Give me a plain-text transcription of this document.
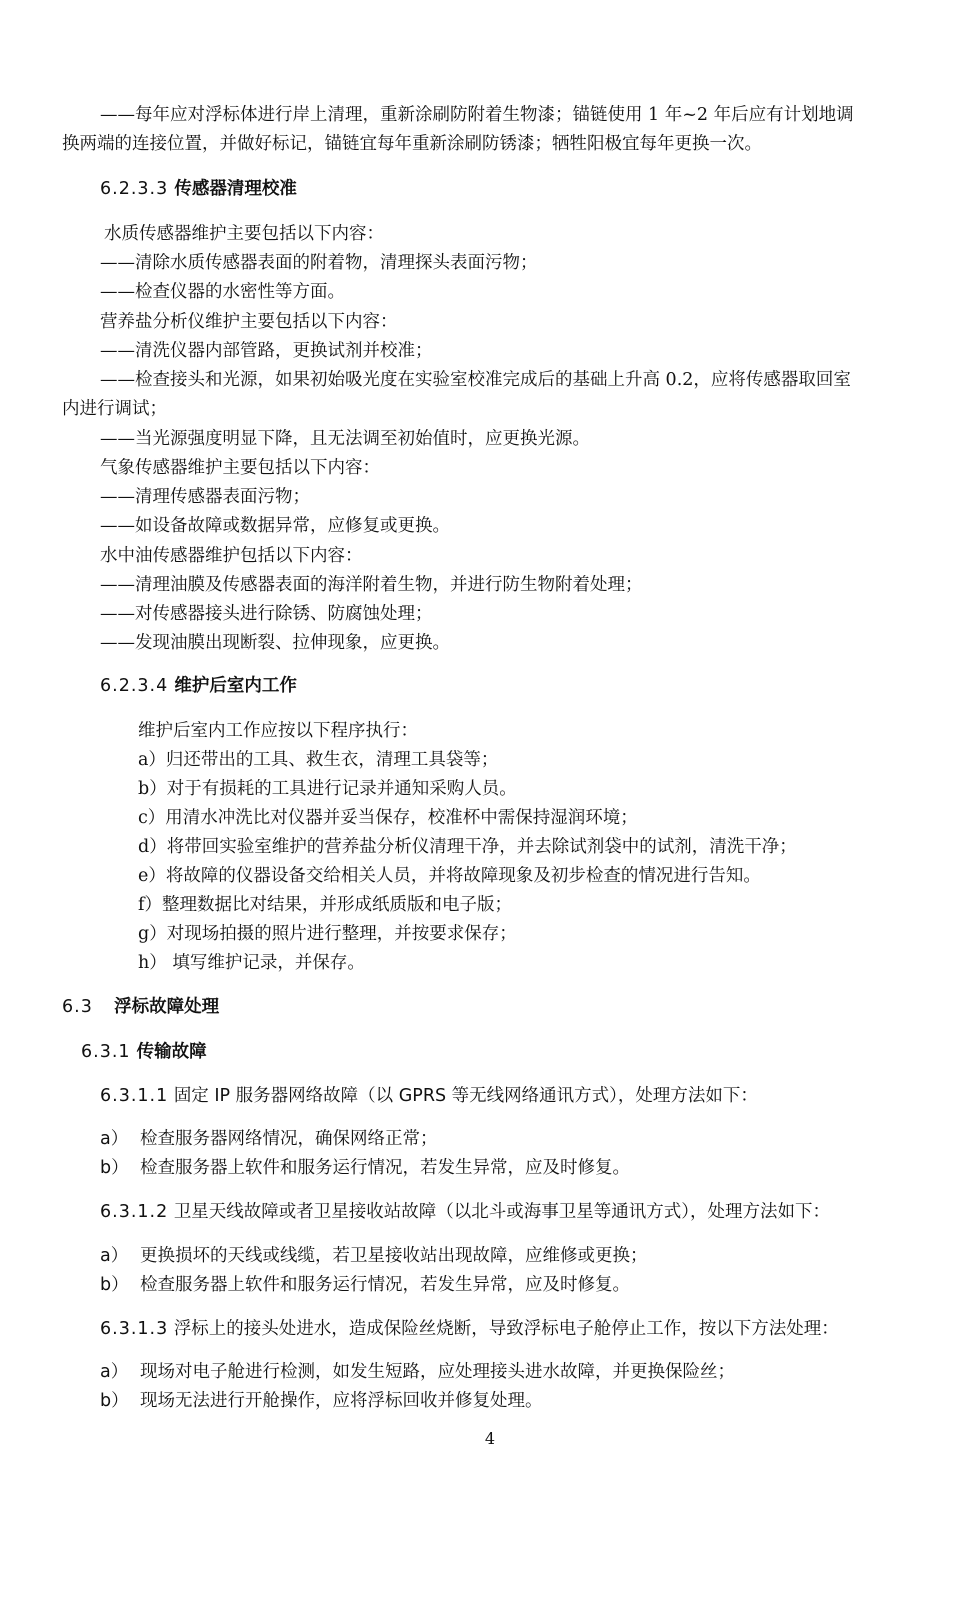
——每年应对浮标体进行岸上清理，重新涂刷防附着生物漆；锚链使用 1 年~2 年后应有计划地调
换两端的连接位置，并做好标记，锚链宜每年重新涂刷防锈漆；牺牲阳极宜每年更换一次。
6.2.3.3 传感器清理校准
水质传感器维护主要包括以下内容：
——清除水质传感器表面的附着物，清理探头表面污物；
——检查仪器的水密性等方面。
营养盐分析仪维护主要包括以下内容：
——清洗仪器内部管路，更换试剂并校准；
——检查接头和光源，如果初始吸光度在实验室校准完成后的基础上升高 0.2，应将传感器取回室
内进行调试；
——当光源强度明显下降，且无法调至初始值时，应更换光源。
气象传感器维护主要包括以下内容：
——清理传感器表面污物；
——如设备故障或数据异常，应修复或更换。
水中油传感器维护包括以下内容：
——清理油膜及传感器表面的海洋附着生物，并进行防生物附着处理；
——对传感器接头进行除锈、防腐蚀处理；
——发现油膜出现断裂、拉伸现象，应更换。
6.2.3.4 维护后室内工作
维护后室内工作应按以下程序执行：
a）归还带出的工具、救生衣，清理工具袋等；
b）对于有损耗的工具进行记录并通知采购人员。
c）用清水冲洗比对仪器并妥当保存，校准杯中需保持湿润环境；
d）将带回实验室维护的营养盐分析仪清理干净，并去除试剂袋中的试剂，清洗干净；
e）将故障的仪器设备交给相关人员，并将故障现象及初步检查的情况进行告知。
f）整理数据比对结果，并形成纸质版和电子版；
g）对现场拍摄的照片进行整理，并按要求保存；
h） 填写维护记录，并保存。
6.3 浮标故障处理
6.3.1 传输故障
6.3.1.1 固定 IP 服务器网络故障（以 GPRS 等无线网络通讯方式），处理方法如下：
a） 检查服务器网络情况，确保网络正常；
b） 检查服务器上软件和服务运行情况，若发生异常，应及时修复。
6.3.1.2 卫星天线故障或者卫星接收站故障（以北斗或海事卫星等通讯方式），处理方法如下：
a） 更换损坏的天线或线缆，若卫星接收站出现故障，应维修或更换；
b） 检查服务器上软件和服务运行情况，若发生异常，应及时修复。
6.3.1.3 浮标上的接头处进水，造成保险丝烧断，导致浮标电子舱停止工作，按以下方法处理：
a） 现场对电子舱进行检测，如发生短路，应处理接头进水故障，并更换保险丝；
b） 现场无法进行开舱操作，应将浮标回收并修复处理。
4
